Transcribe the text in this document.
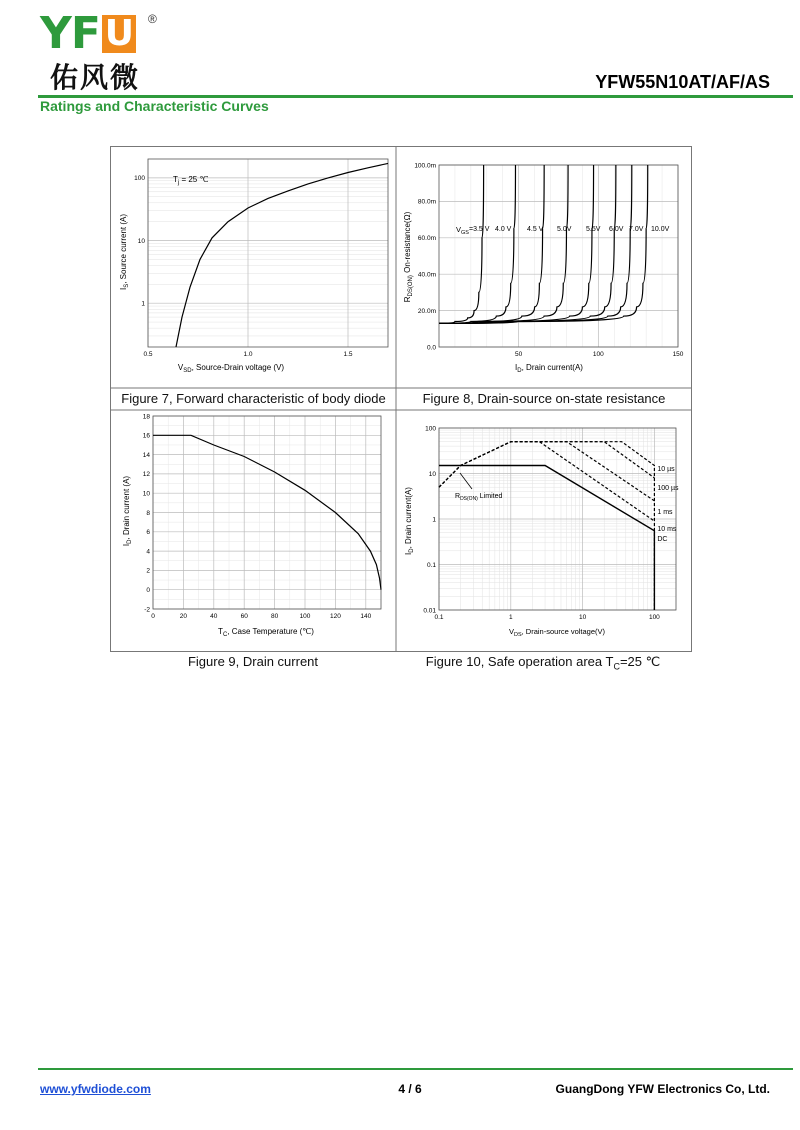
YF U ®
佑风微	YFW55N10AT/AF/AS
Ratings and Characteristic Curves
0.5	1.0	1.5
1
10
100
$V_{SD}$, Source-Drain voltage (V)
$I_S$, Source current (A)
$T_j = 25$ ℃
50	100	150
0.0
20.0m
40.0m
60.0m
80.0m
100.0m
=3.5 V 4.0 V 4.5 V 5.0V 5.5V 6.0V 7.0V 10.0V
$I_D$, Drain current(A)
$R_{DS(ON)}$ On-resistance(Ω)	$V_{GS}$
0	20	40	60	80	100	120	140
-2
0
2
4
6
8
10
12
14
16
18
$T_C$, Case Temperature (℃)
$I_D$, Drain current (A)
0.1	1	10	100
0.01
0.1
1
10
100
10 µs
100 µs
1 ms
10 ms
DC
$V_{DS}$, Drain-source voltage(V)
$I_D$, Drain current(A)	$R_{DS(ON)}$ Limited
Figure 7, Forward characteristic of body diode	Figure 8, Drain-source on-state resistance
Figure 9, Drain current	Figure 10, Safe operation area $T_C=25$ ℃
www.yfwdiode.com	4 / 6	GuangDong YFW Electronics Co, Ltd.
